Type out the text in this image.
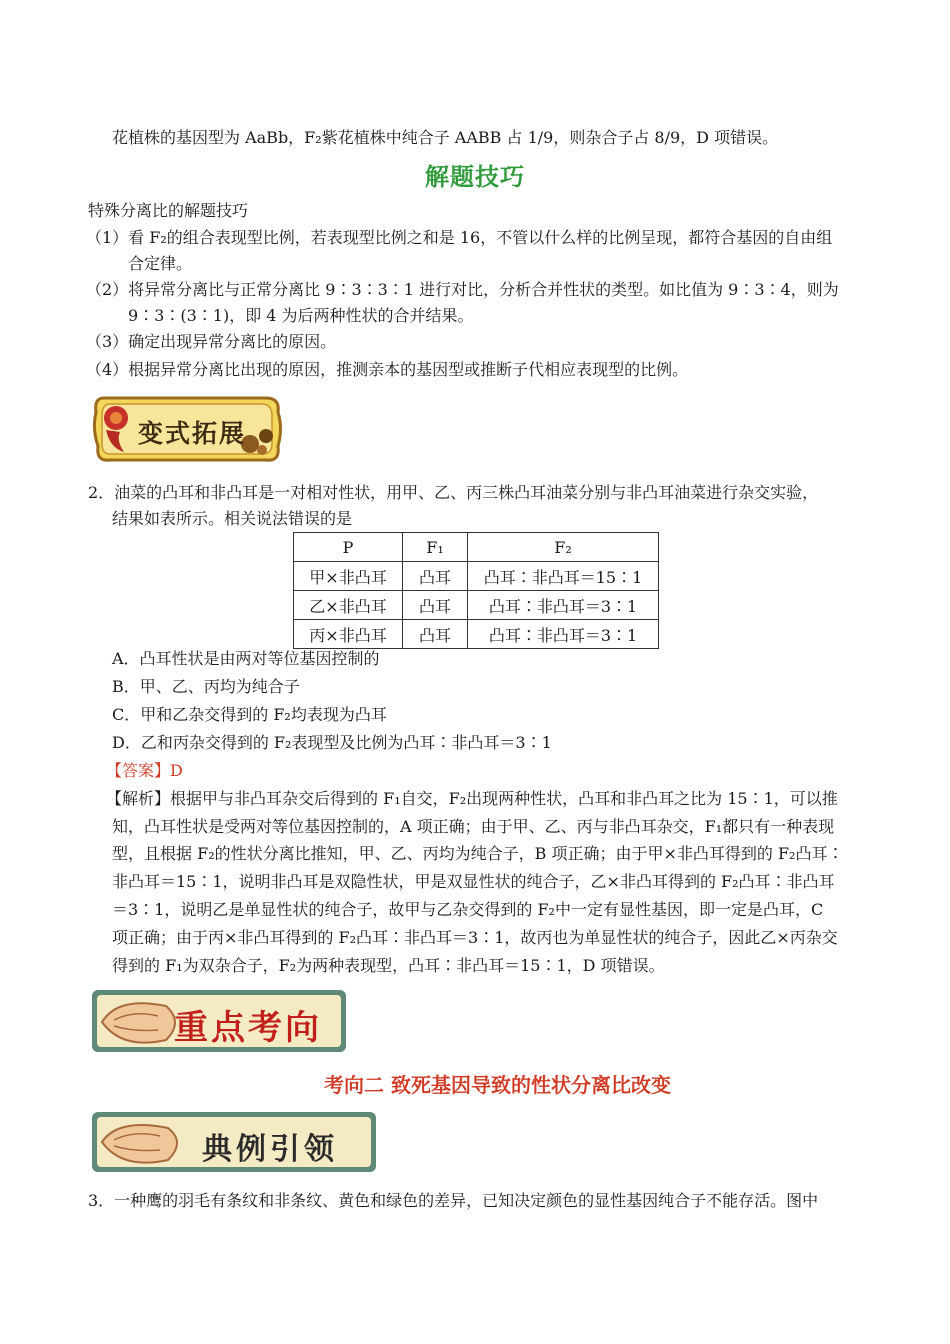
花植株的基因型为 AaBb，F₂紫花植株中纯合子 AABB 占 1/9，则杂合子占 8/9，D 项错误。
解题技巧
特殊分离比的解题技巧
（1）看 F₂的组合表现型比例，若表现型比例之和是 16，不管以什么样的比例呈现，都符合基因的自由组
合定律。
（2）将异常分离比与正常分离比 9∶3∶3∶1 进行对比，分析合并性状的类型。如比值为 9∶3∶4，则为
9∶3∶(3∶1)，即 4 为后两种性状的合并结果。
（3）确定出现异常分离比的原因。
（4）根据异常分离比出现的原因，推测亲本的基因型或推断子代相应表现型的比例。
变式拓展
2．油菜的凸耳和非凸耳是一对相对性状，用甲、乙、丙三株凸耳油菜分别与非凸耳油菜进行杂交实验，
结果如表所示。相关说法错误的是
P	F₁	F₂
甲×非凸耳	凸耳	凸耳∶非凸耳＝15∶1
乙×非凸耳	凸耳	凸耳∶非凸耳＝3∶1
丙×非凸耳	凸耳	凸耳∶非凸耳＝3∶1
A．凸耳性状是由两对等位基因控制的
B．甲、乙、丙均为纯合子
C．甲和乙杂交得到的 F₂均表现为凸耳
D．乙和丙杂交得到的 F₂表现型及比例为凸耳∶非凸耳＝3∶1
【答案】D
【解析】根据甲与非凸耳杂交后得到的 F₁自交，F₂出现两种性状，凸耳和非凸耳之比为 15∶1，可以推
知，凸耳性状是受两对等位基因控制的，A 项正确；由于甲、乙、丙与非凸耳杂交，F₁都只有一种表现
型，且根据 F₂的性状分离比推知，甲、乙、丙均为纯合子，B 项正确；由于甲×非凸耳得到的 F₂凸耳∶
非凸耳＝15∶1，说明非凸耳是双隐性状，甲是双显性状的纯合子，乙×非凸耳得到的 F₂凸耳∶非凸耳
＝3∶1，说明乙是单显性状的纯合子，故甲与乙杂交得到的 F₂中一定有显性基因，即一定是凸耳，C
项正确；由于丙×非凸耳得到的 F₂凸耳∶非凸耳＝3∶1，故丙也为单显性状的纯合子，因此乙×丙杂交
得到的 F₁为双杂合子，F₂为两种表现型，凸耳∶非凸耳＝15∶1，D 项错误。
重点考向
考向二 致死基因导致的性状分离比改变
典例引领
3．一种鹰的羽毛有条纹和非条纹、黄色和绿色的差异，已知决定颜色的显性基因纯合子不能存活。图中
